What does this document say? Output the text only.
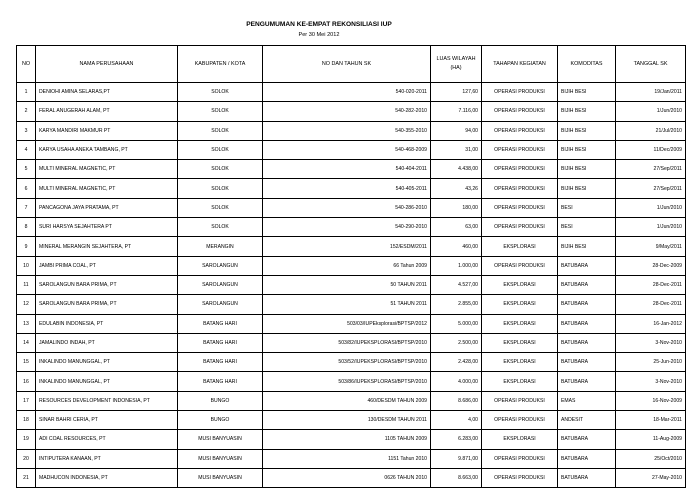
PENGUMUMAN KE-EMPAT REKONSILIASI IUP
Per 30 Mei 2012
NO	NAMA PERUSAHAAN	KABUPATEN / KOTA	NO DAN TAHUN SK	LUAS WILAYAH (HA)	TAHAPAN KEGIATAN	KOMODITAS	TANGGAL SK
1	DENIOHI AMINA SELARAS,PT	SOLOK	540-020-2011	127,60	OPERASI PRODUKSI	BIJIH BESI	19/Jan/2011
2	FERAL ANUGERAH ALAM, PT	SOLOK	540-282-2010	7.116,00	OPERASI PRODUKSI	BIJIH BESI	1/Jun/2010
3	KARYA MANDIRI MAKMUR PT	SOLOK	540-355-2010	94,00	OPERASI PRODUKSI	BIJIH BESI	21/Jul/2010
4	KARYA USAHA ANEKA TAMBANG, PT	SOLOK	540-468-2009	31,00	OPERASI PRODUKSI	BIJIH BESI	11/Dec/2009
5	MULTI MINERAL MAGNETIC, PT	SOLOK	540-404-2011	4.438,00	OPERASI PRODUKSI	BIJIH BESI	27/Sep/2011
6	MULTI MINERAL MAGNETIC, PT	SOLOK	540-405-2011	43,26	OPERASI PRODUKSI	BIJIH BESI	27/Sep/2011
7	PANCAGONA JAYA PRATAMA, PT	SOLOK	540-286-2010	180,00	OPERASI PRODUKSI	BESI	1/Jun/2010
8	SURI HARSYA SEJAHTERA PT	SOLOK	540-290-2010	63,00	OPERASI PRODUKSI	BESI	1/Jun/2010
9	MINERAL MERANGIN SEJAHTERA, PT	MERANGIN	152/ESDM/2011	460,00	EKSPLORASI	BIJIH BESI	9/May/2011
10	JAMBI PRIMA COAL, PT	SAROLANGUN	66 Tahun 2009	1.000,00	OPERASI PRODUKSI	BATUBARA	28-Dec-2009
11	SAROLANGUN BARA PRIMA, PT	SAROLANGUN	50 TAHUN 2011	4.527,00	EKSPLORASI	BATUBARA	28-Dec-2011
12	SAROLANGUN BARA PRIMA, PT	SAROLANGUN	51 TAHUN 2011	2.855,00	EKSPLORASI	BATUBARA	28-Dec-2011
13	EDULABIN INDONESIA, PT	BATANG HARI	503/03/IUPEksplorasi/BPTSP/2012	5.000,00	EKSPLORASI	BATUBARA	16-Jan-2012
14	JAMALINDO INDAH, PT	BATANG HARI	503/82/IUPEKSPLORASI/BPTSP/2010	2.500,00	EKSPLORASI	BATUBARA	3-Nov-2010
15	INKALINDO MANUNGGAL, PT	BATANG HARI	503/52/IUPEKSPLORASI/BPTSP/2010	2.428,00	EKSPLORASI	BATUBARA	25-Jun-2010
16	INKALINDO MANUNGGAL, PT	BATANG HARI	503/86/IUPEKSPLORASI/BPTSP/2010	4.000,00	EKSPLORASI	BATUBARA	3-Nov-2010
17	RESOURCES DEVELOPMENT INDONESIA, PT	BUNGO	460/DESDM TAHUN 2009	8.686,00	OPERASI PRODUKSI	EMAS	16-Nov-2009
18	SINAR BAHRI CERIA, PT	BUNGO	130/DESDM TAHUN 2011	4,00	OPERASI PRODUKSI	ANDESIT	18-Mar-2011
19	ADI COAL RESOURCES, PT	MUSI BANYUASIN	1105 TAHUN 2009	6.283,00	EKSPLORASI	BATUBARA	11-Aug-2009
20	INTIPUTERA KANAAN, PT	MUSI BANYUASIN	1151 Tahun 2010	9.871,00	OPERASI PRODUKSI	BATUBARA	25/Oct/2010
21	MADHUCON INDONESIA, PT	MUSI BANYUASIN	0626 TAHUN 2010	8.663,00	OPERASI PRODUKSI	BATUBARA	27-May-2010
